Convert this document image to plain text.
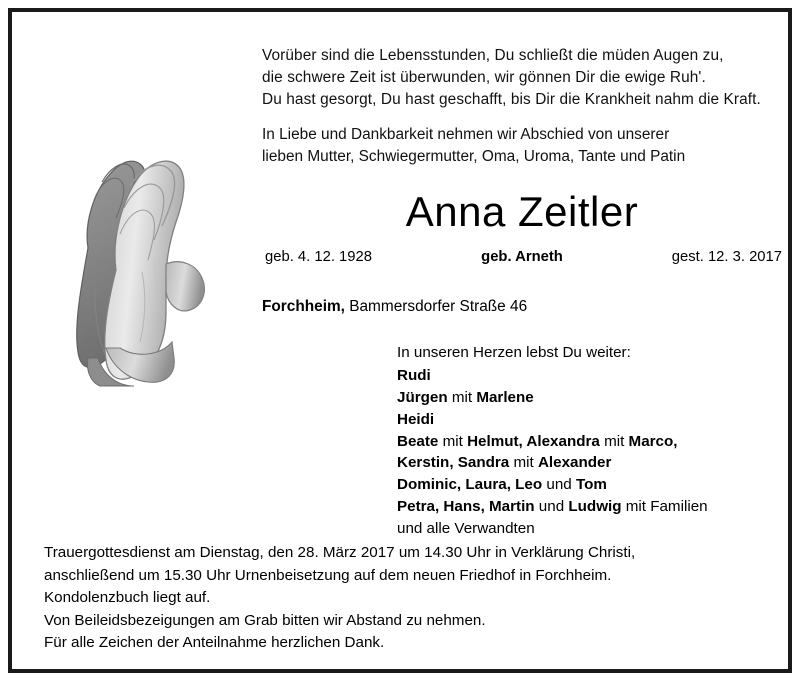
Vorüber sind die Lebensstunden, Du schließt die müden Augen zu,
die schwere Zeit ist überwunden, wir gönnen Dir die ewige Ruh'.
Du hast gesorgt, Du hast geschafft, bis Dir die Krankheit nahm die Kraft.
In Liebe und Dankbarkeit nehmen wir Abschied von unserer
lieben Mutter, Schwiegermutter, Oma, Uroma, Tante und Patin
Anna Zeitler
geb. 4. 12. 1928	geb. Arneth	gest. 12. 3. 2017
Forchheim, Bammersdorfer Straße 46
In unseren Herzen lebst Du weiter:
Rudi
Jürgen mit Marlene
Heidi
Beate mit Helmut, Alexandra mit Marco,
Kerstin, Sandra mit Alexander
Dominic, Laura, Leo und Tom
Petra, Hans, Martin und Ludwig mit Familien
und alle Verwandten
Trauergottesdienst am Dienstag, den 28. März 2017 um 14.30 Uhr in Verklärung Christi,
anschließend um 15.30 Uhr Urnenbeisetzung auf dem neuen Friedhof in Forchheim.
Kondolenzbuch liegt auf.
Von Beileidsbezeigungen am Grab bitten wir Abstand zu nehmen.
Für alle Zeichen der Anteilnahme herzlichen Dank.
